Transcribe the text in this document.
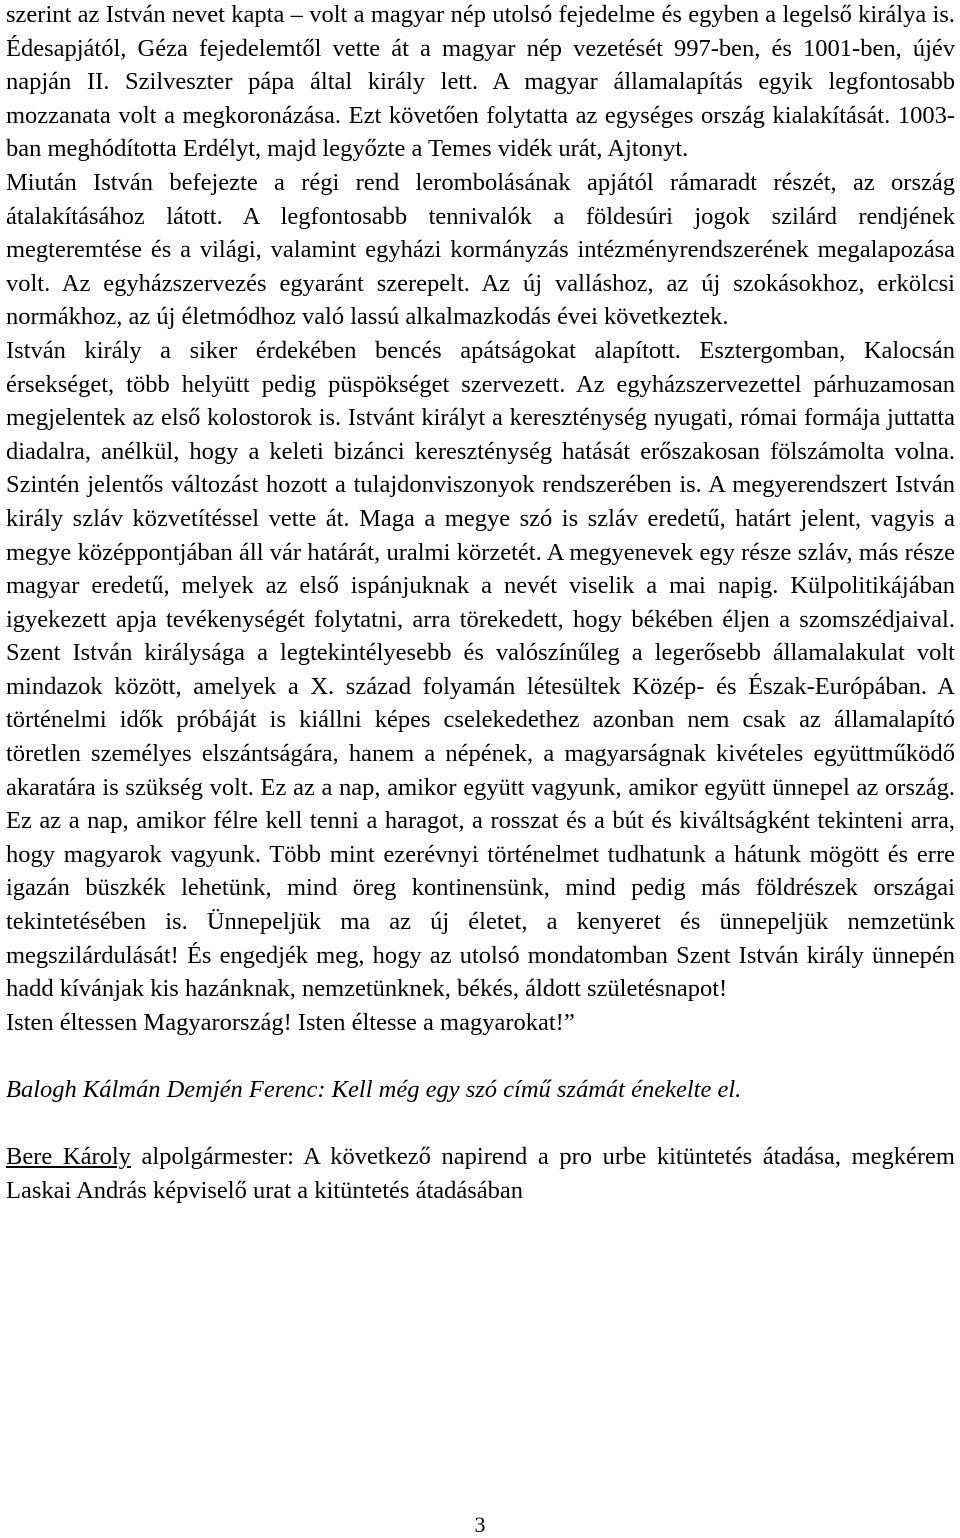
szerint az István nevet kapta – volt a magyar nép utolsó fejedelme és egyben a legelső királya is. Édesapjától, Géza fejedelemtől vette át a magyar nép vezetését 997-ben, és 1001-ben, újév napján II. Szilveszter pápa által király lett. A magyar államalapítás egyik legfontosabb mozzanata volt a megkoronázása. Ezt követően folytatta az egységes ország kialakítását. 1003-ban meghódította Erdélyt, majd legyőzte a Temes vidék urát, Ajtonyt.

Miután István befejezte a régi rend lerombolásának apjától rámaradt részét, az ország átalakításához látott. A legfontosabb tennivalók a földesúri jogok szilárd rendjének megteremtése és a világi, valamint egyházi kormányzás intézményrendszerének megalapozása volt. Az egyházszervezés egyaránt szerepelt. Az új valláshoz, az új szokásokhoz, erkölcsi normákhoz, az új életmódhoz való lassú alkalmazkodás évei következtek.

István király a siker érdekében bencés apátságokat alapított. Esztergomban, Kalocsán érsekséget, több helyütt pedig püspökséget szervezett. Az egyházszervezettel párhuzamosan megjelentek az első kolostorok is. Istvánt királyt a kereszténység nyugati, római formája juttatta diadalra, anélkül, hogy a keleti bizánci kereszténység hatását erőszakosan fölszámolta volna. Szintén jelentős változást hozott a tulajdonviszonyok rendszerében is. A megyerendszert István király szláv közvetítéssel vette át. Maga a megye szó is szláv eredetű, határt jelent, vagyis a megye középpontjában áll vár határát, uralmi körzetét. A megyenevek egy része szláv, más része magyar eredetű, melyek az első ispánjuknak a nevét viselik a mai napig. Külpolitikájában igyekezett apja tevékenységét folytatni, arra törekedett, hogy békében éljen a szomszédjaival. Szent István királysága a legtekintélyesebb és valószínűleg a legerősebb államalakulat volt mindazok között, amelyek a X. század folyamán létesültek Közép- és Észak-Európában. A történelmi idők próbáját is kiállni képes cselekedethez azonban nem csak az államalapító töretlen személyes elszántságára, hanem a népének, a magyarságnak kivételes együttműködő akaratára is szükség volt. Ez az a nap, amikor együtt vagyunk, amikor együtt ünnepel az ország. Ez az a nap, amikor félre kell tenni a haragot, a rosszat és a bút és kiváltságként tekinteni arra, hogy magyarok vagyunk. Több mint ezerévnyi történelmet tudhatunk a hátunk mögött és erre igazán büszkék lehetünk, mind öreg kontinensünk, mind pedig más földrészek országai tekintetésében is. Ünnepeljük ma az új életet, a kenyeret és ünnepeljük nemzetünk megszilárdulását! És engedjék meg, hogy az utolsó mondatomban Szent István király ünnepén hadd kívánjak kis hazánknak, nemzetünknek, békés, áldott születésnapot!

Isten éltessen Magyarország! Isten éltesse a magyarokat!”

Balogh Kálmán Demjén Ferenc: Kell még egy szó című számát énekelte el.

Bere Károly alpolgármester: A következő napirend a pro urbe kitüntetés átadása, megkérem Laskai András képviselő urat a kitüntetés átadásában

3
